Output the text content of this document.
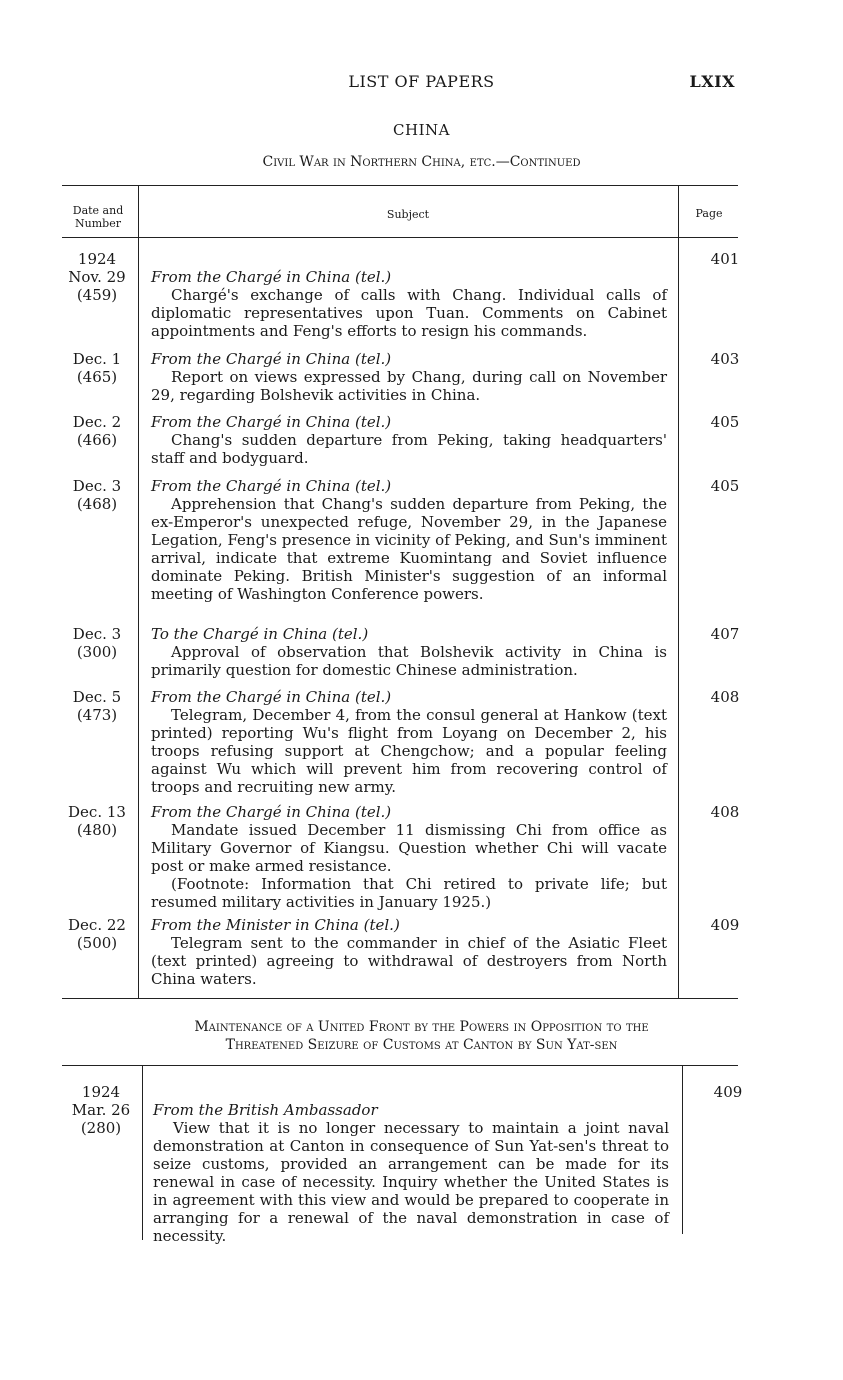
LIST OF PAPERS	LXIX
CHINA
Civil War in Northern China, etc.—Continued
Date and Number
Subject	Page
1924
Nov. 29
(459)
From the Chargé in China (tel.)

Chargé's exchange of calls with Chang. Individual calls of diplomatic representatives upon Tuan. Comments on Cabinet appointments and Feng's efforts to resign his commands.

401
Dec. 1
(465)
From the Chargé in China (tel.)

Report on views expressed by Chang, during call on November 29, regarding Bolshevik activities in China.

403
Dec. 2
(466)
From the Chargé in China (tel.)

Chang's sudden departure from Peking, taking headquarters' staff and bodyguard.

405
Dec. 3
(468)
From the Chargé in China (tel.)

Apprehension that Chang's sudden departure from Peking, the ex-Emperor's unexpected refuge, November 29, in the Japanese Legation, Feng's presence in vicinity of Peking, and Sun's imminent arrival, indicate that extreme Kuomintang and Soviet influence dominate Peking. British Minister's suggestion of an informal meeting of Washington Conference powers.

405
Dec. 3
(300)
To the Chargé in China (tel.)

Approval of observation that Bolshevik activity in China is primarily question for domestic Chinese administration.

407
Dec. 5
(473)
From the Chargé in China (tel.)

Telegram, December 4, from the consul general at Hankow (text printed) reporting Wu's flight from Loyang on December 2, his troops refusing support at Chengchow; and a popular feeling against Wu which will prevent him from recovering control of troops and recruiting new army.

408
Dec. 13
(480)
From the Chargé in China (tel.)

Mandate issued December 11 dismissing Chi from office as Military Governor of Kiangsu. Question whether Chi will vacate post or make armed resistance.

(Footnote: Information that Chi retired to private life; but resumed military activities in January 1925.)

408
Dec. 22
(500)
From the Minister in China (tel.)

Telegram sent to the commander in chief of the Asiatic Fleet (text printed) agreeing to withdrawal of destroyers from North China waters.

409
Maintenance of a United Front by the Powers in Opposition to the
Threatened Seizure of Customs at Canton by Sun Yat-sen
1924
Mar. 26
(280)
From the British Ambassador

View that it is no longer necessary to maintain a joint naval demonstration at Canton in consequence of Sun Yat-sen's threat to seize customs, provided an arrangement can be made for its renewal in case of necessity. Inquiry whether the United States is in agreement with this view and would be prepared to cooperate in arranging for a renewal of the naval demonstration in case of necessity.

409
